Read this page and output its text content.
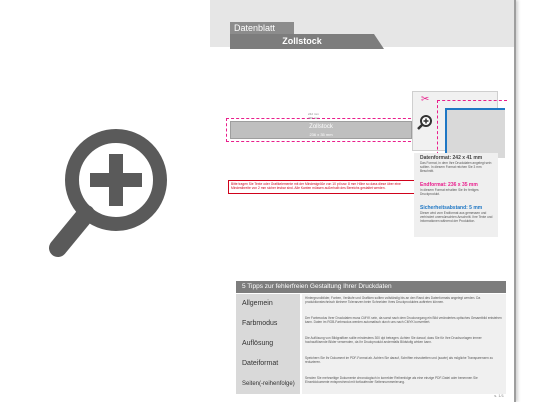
Datenblatt
Zollstock
242 mm
Zollstock
236 x 35 mm
236 mm
Bitte tragen Sie Texte oder Grafikelemente mit der Mindestgröße von 10 pt bzw. 8 mm Höhe so dass diese über eine Mindestbreite von 2 mm sicher lesbar sind. Alle Kanten müssen außerhalb des Bereichs gestaltet werden.
✂
Datenformat: 242 x 41 mm
Das Format, in dem Ihre Druckdaten angelegt sein sollten. In diesem Format reichen Sie 3 mm Beschnitt.
Endformat: 236 x 35 mm
In diesem Format erhalten Sie Ihr fertiges Druckprodukt.
Sicherheitsabstand: 5 mm
Dieser wird vom Endformat aus gemessen und verhindert unerwünschten Anschnitt. Ihre Texte und Informationen während der Produktion.
5 Tipps zur fehlerfreien Gestaltung Ihrer Druckdaten
Allgemein
Hintergrundbilder, Farben, Verläufe und Grafiken sollten vollständig bis an den Rand des Datenformats angelegt werden. Da produktionstechnisch kleinere Toleranzen beim Schneiden Ihres Druckproduktes auftreten können.
Farbmodus
Der Farbmodus Ihrer Druckdaten muss CMYK sein, da sonst nach dem Druckvorgang ein Bild verändertes optisches Gesamtbild entstehen kann. Daten im RGB-Farbmodus werden automatisch durch uns nach CMYK konvertiert.
Auflösung
Die Auflösung von Bildgrafiken sollte mindestens 300 dpi betragen. Achten Sie darauf, dass Sie für Ihre Druckvorlagen immer hochauflösende Bilder verwenden, da Ihr Druckprodukt andernfalls Bildstufig wirken kann.
Dateiformat
Speichern Sie Ihr Dokument im PDF-Format ab. Achten Sie darauf, Schriften einzubetten und (sowie) als mögliche Transparenzen zu reduzieren.
Seiten(-reihenfolge)
Senden Sie mehrseitige Dokumente chronologisch in korrekter Reihenfolge als eine einzige PDF-Datei oder benennen Sie Einzeldokumente entsprechend mit fortlaufender Seitennummerierung.
s. 1/1
